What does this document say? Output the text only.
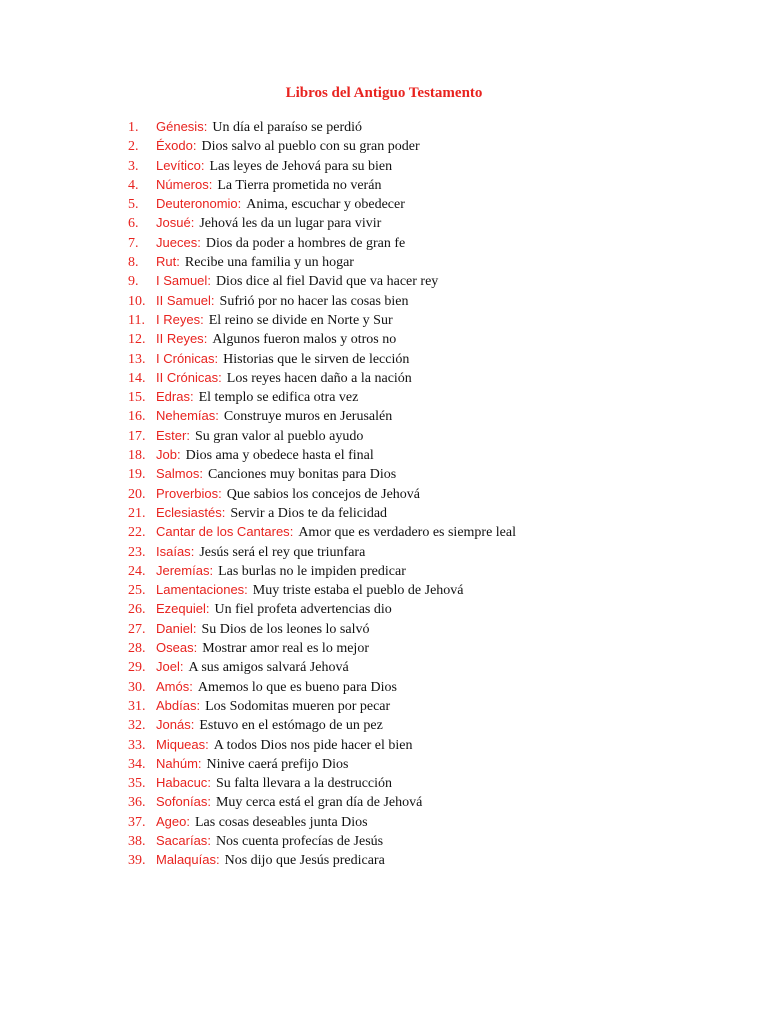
Libros del Antiguo Testamento
1.	Génesis : Un día el paraíso se perdió
2.	Éxodo : Dios salvo al pueblo con su gran poder
3.	Levítico : Las leyes de Jehová para su bien
4.	Números : La Tierra prometida no verán
5.	Deuteronomio : Anima, escuchar y obedecer
6.	Josué : Jehová les da un lugar para vivir
7.	Jueces : Dios da poder a hombres de gran fe
8.	Rut : Recibe una familia y un hogar
9.	I Samuel : Dios dice al fiel David que va hacer rey
10. II Samuel : Sufrió por no hacer las cosas bien
11. I Reyes : El reino se divide en Norte y Sur
12. II Reyes : Algunos fueron malos y otros no
13. I Crónicas : Historias que le sirven de lección
14. II Crónicas : Los reyes hacen daño a la nación
15. Edras : El templo se edifica otra vez
16. Nehemías : Construye muros en Jerusalén
17. Ester : Su gran valor al pueblo ayudo
18. Job : Dios ama y obedece hasta el final
19. Salmos : Canciones muy bonitas para Dios
20. Proverbios : Que sabios los concejos de Jehová
21. Eclesiastés : Servir a Dios te da felicidad
22. Cantar de los Cantares : Amor que es verdadero es siempre leal
23. Isaías : Jesús será el rey que triunfara
24. Jeremías : Las burlas no le impiden predicar
25. Lamentaciones : Muy triste estaba el pueblo de Jehová
26. Ezequiel : Un fiel profeta advertencias dio
27. Daniel : Su Dios de los leones lo salvó
28. Oseas : Mostrar amor real es lo mejor
29. Joel : A sus amigos salvará Jehová
30. Amós : Amemos lo que es bueno para Dios
31. Abdías : Los Sodomitas mueren por pecar
32. Jonás : Estuvo en el estómago de un pez
33. Miqueas : A todos Dios nos pide hacer el bien
34. Nahúm : Ninive caerá prefijo Dios
35. Habacuc : Su falta llevara a la destrucción
36. Sofonías : Muy cerca está el gran día de Jehová
37. Ageo : Las cosas deseables junta Dios
38. Sacarías : Nos cuenta profecías de Jesús
39. Malaquías : Nos dijo que Jesús predicara
